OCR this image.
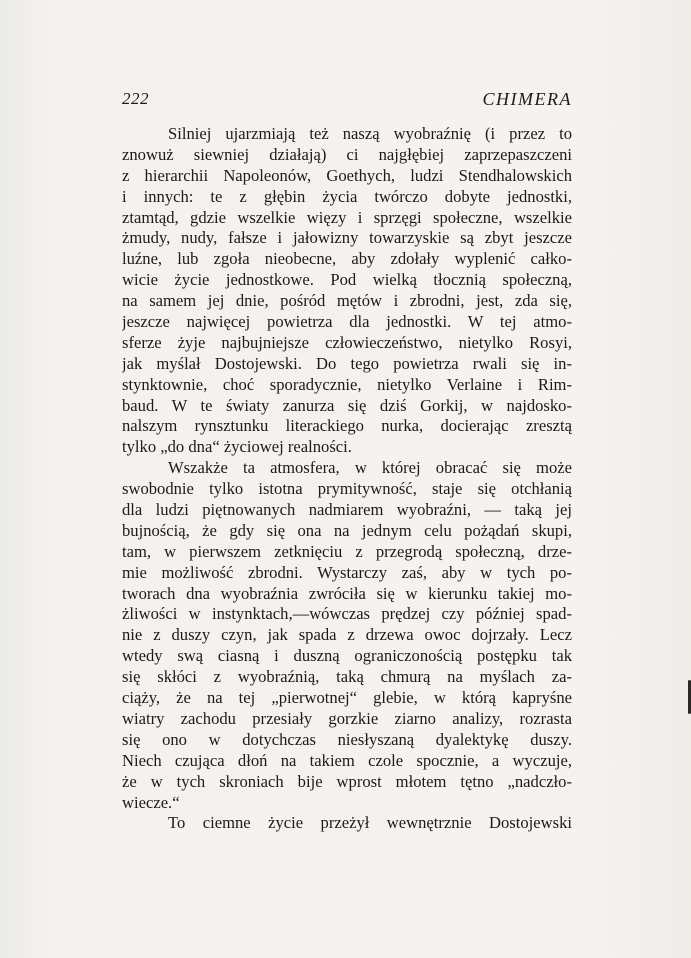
222	CHIMERA
Silniej ujarzmiają też naszą wyobraźnię (i przez to
znowuż siewniej działają) ci najgłębiej zaprzepaszczeni
z hierarchii Napoleonów, Goethych, ludzi Stendhalowskich
i innych: te z głębin życia twórczo dobyte jednostki,
ztamtąd, gdzie wszelkie więzy i sprzęgi społeczne, wszelkie
żmudy, nudy, fałsze i jałowizny towarzyskie są zbyt jeszcze
luźne, lub zgoła nieobecne, aby zdołały wyplenić całko-
wicie życie jednostkowe. Pod wielką tłocznią społeczną,
na samem jej dnie, pośród mętów i zbrodni, jest, zda się,
jeszcze najwięcej powietrza dla jednostki. W tej atmo-
sferze żyje najbujniejsze człowieczeństwo, nietylko Rosyi,
jak myślał Dostojewski. Do tego powietrza rwali się in-
stynktownie, choć sporadycznie, nietylko Verlaine i Rim-
baud. W te światy zanurza się dziś Gorkij, w najdosko-
nalszym rynsztunku literackiego nurka, docierając zresztą
tylko „do dna“ życiowej realności.
Wszakże ta atmosfera, w której obracać się może
swobodnie tylko istotna prymitywność, staje się otchłanią
dla ludzi piętnowanych nadmiarem wyobraźni, — taką jej
bujnością, że gdy się ona na jednym celu pożądań skupi,
tam, w pierwszem zetknięciu z przegrodą społeczną, drze-
mie możliwość zbrodni. Wystarczy zaś, aby w tych po-
tworach dna wyobraźnia zwróciła się w kierunku takiej mo-
żliwości w instynktach,—wówczas prędzej czy później spad-
nie z duszy czyn, jak spada z drzewa owoc dojrzały. Lecz
wtedy swą ciasną i duszną ograniczonością postępku tak
się skłóci z wyobraźnią, taką chmurą na myślach za-
ciąży, że na tej „pierwotnej“ glebie, w którą kapryśne
wiatry zachodu przesiały gorzkie ziarno analizy, rozrasta
się ono w dotychczas niesłyszaną dyalektykę duszy.
Niech czująca dłoń na takiem czole spocznie, a wyczuje,
że w tych skroniach bije wprost młotem tętno „nadczło-
wiecze.“
To ciemne życie przeżył wewnętrznie Dostojewski
